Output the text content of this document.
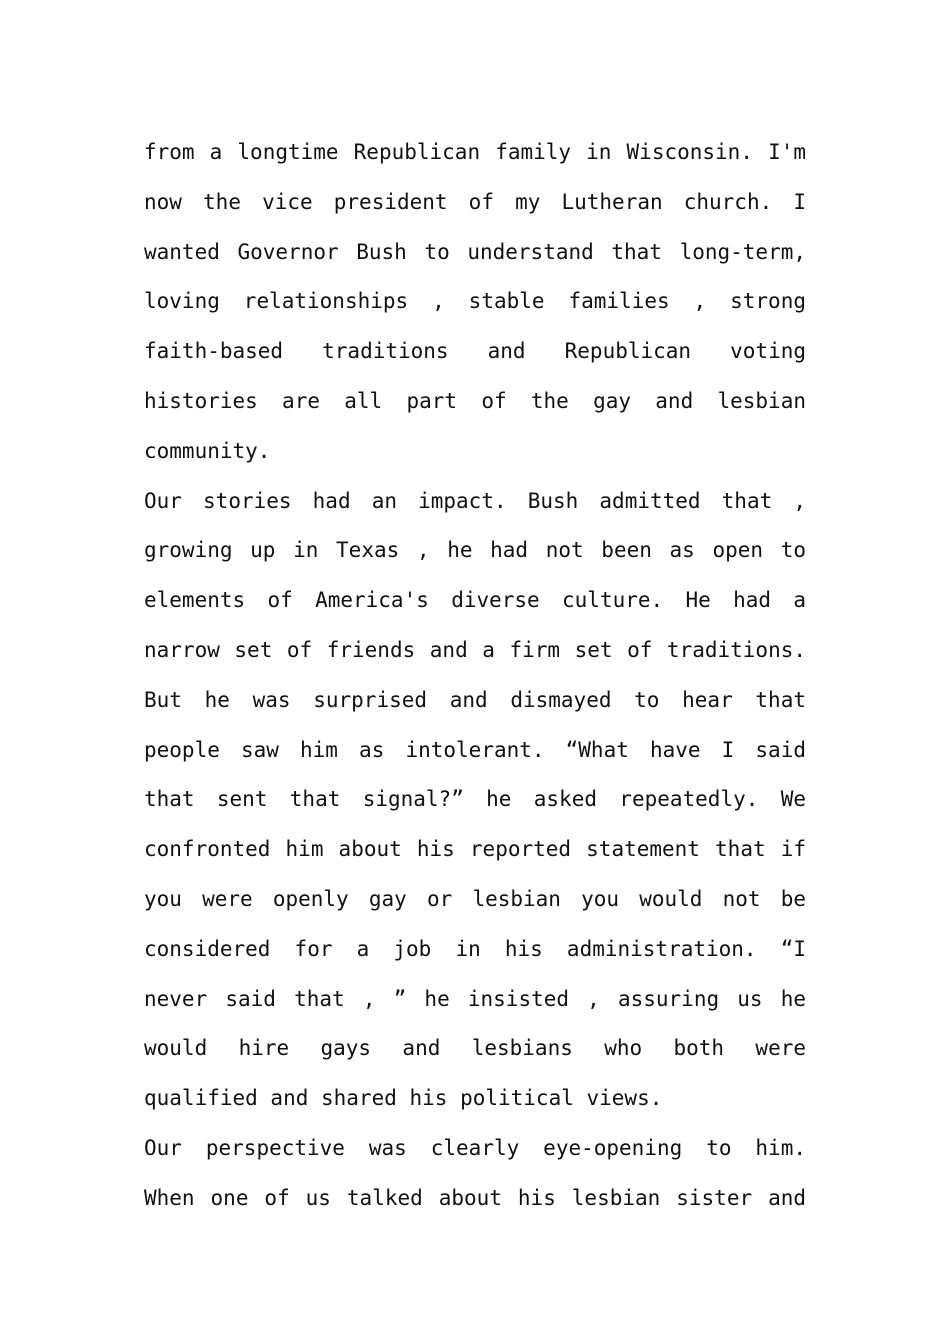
from a longtime Republican family in Wisconsin. I'm
now the vice president of my Lutheran church. I
wanted Governor Bush to understand that long-term,
loving relationships , stable families , strong
faith-based traditions and Republican voting
histories are all part of the gay and lesbian
community.
Our stories had an impact. Bush admitted that ,
growing up in Texas , he had not been as open to
elements of America's diverse culture. He had a
narrow set of friends and a firm set of traditions.
But he was surprised and dismayed to hear that
people saw him as intolerant. “What have I said
that sent that signal?” he asked repeatedly. We
confronted him about his reported statement that if
you were openly gay or lesbian you would not be
considered for a job in his administration. “I
never said that , ” he insisted , assuring us he
would hire gays and lesbians who both were
qualified and shared his political views.
Our perspective was clearly eye-opening to him.
When one of us talked about his lesbian sister and
